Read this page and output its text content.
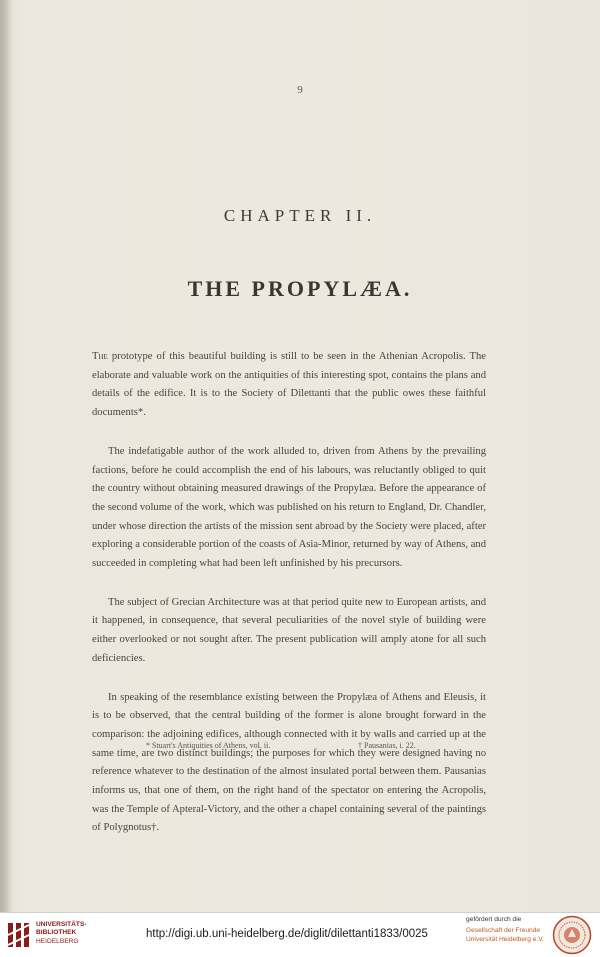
9
CHAPTER II.
THE PROPYLÆA.

The prototype of this beautiful building is still to be seen in the Athenian Acropolis. The elaborate and valuable work on the antiquities of this interesting spot, contains the plans and details of the edifice. It is to the Society of Dilettanti that the public owes these faithful documents*.

The indefatigable author of the work alluded to, driven from Athens by the prevailing factions, before he could accomplish the end of his labours, was reluctantly obliged to quit the country without obtaining measured drawings of the Propylæa. Before the appearance of the second volume of the work, which was published on his return to England, Dr. Chandler, under whose direction the artists of the mission sent abroad by the Society were placed, after exploring a considerable portion of the coasts of Asia-Minor, returned by way of Athens, and succeeded in completing what had been left unfinished by his precursors.

The subject of Grecian Architecture was at that period quite new to European artists, and it happened, in consequence, that several peculiarities of the novel style of building were either overlooked or not sought after. The present publication will amply atone for all such deficiencies.

In speaking of the resemblance existing between the Propylæa of Athens and Eleusis, it is to be observed, that the central building of the former is alone brought forward in the comparison: the adjoining edifices, although connected with it by walls and carried up at the same time, are two distinct buildings; the purposes for which they were designed having no reference whatever to the destination of the almost insulated portal between them. Pausanias informs us, that one of them, on the right hand of the spectator on entering the Acropolis, was the Temple of Apteral-Victory, and the other a chapel containing several of the paintings of Polygnotus†.

* Stuart's Antiquities of Athens, vol. ii.	† Pausanias, i. 22.
UNIVERSITÄTS-
BIBLIOTHEK
HEIDELBERG
http://digi.ub.uni-heidelberg.de/diglit/dilettanti1833/0025
gefördert durch die
Gesellschaft der Freunde
Universität Heidelberg e.V.
